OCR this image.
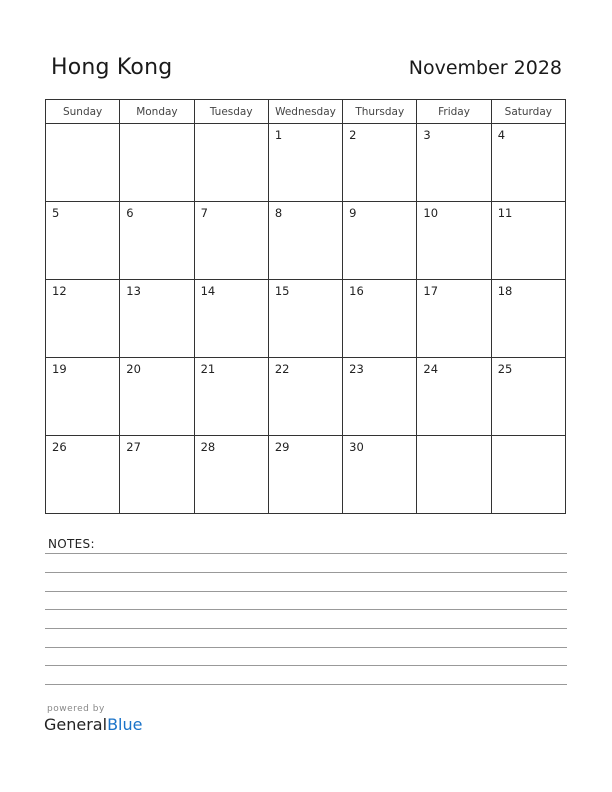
Hong Kong	November 2028
Sunday	Monday	Tuesday	Wednesday	Thursday	Friday	Saturday

			1	2	3	4

5	6	7	8	9	10	11

12	13	14	15	16	17	18

19	20	21	22	23	24	25

26	27	28	29	30		

NOTES:
powered by
GeneralBlue
